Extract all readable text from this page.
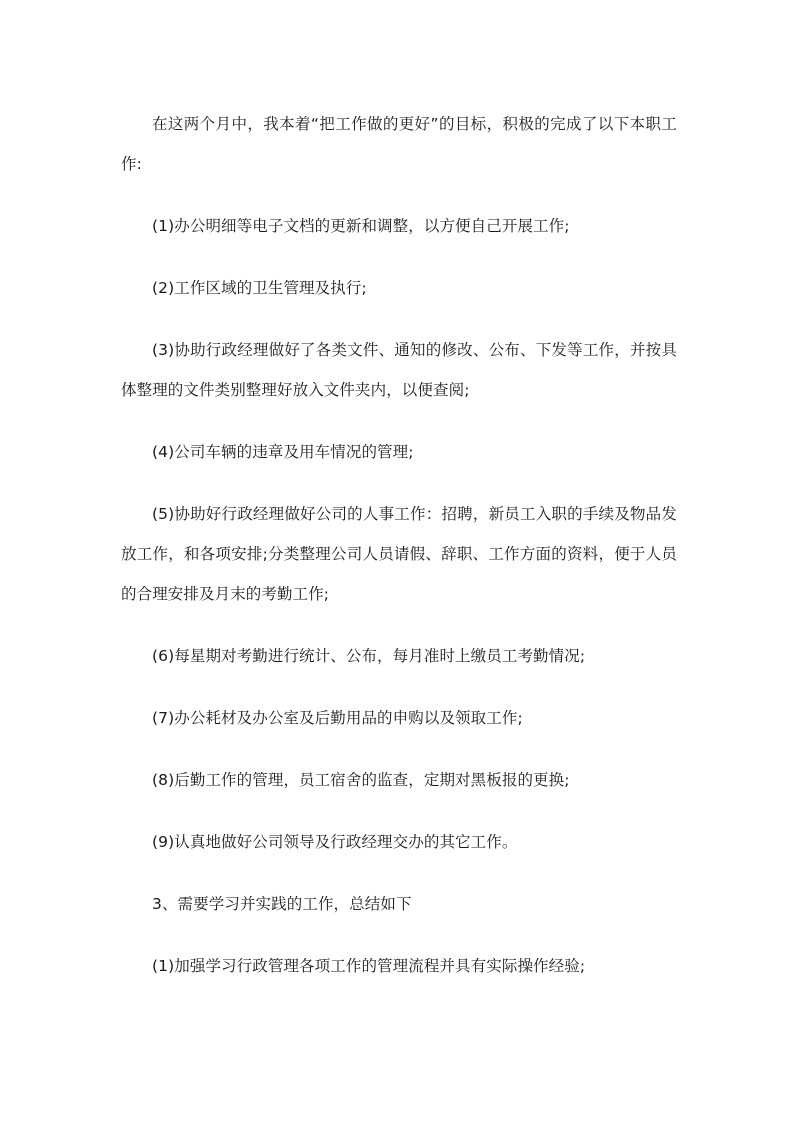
在这两个月中，我本着“把工作做的更好”的目标，积极的完成了以下本职工作:

(1)办公明细等电子文档的更新和调整，以方便自己开展工作;

(2)工作区域的卫生管理及执行;

(3)协助行政经理做好了各类文件、通知的修改、公布、下发等工作，并按具体整理的文件类别整理好放入文件夹内，以便查阅;

(4)公司车辆的违章及用车情况的管理;

(5)协助好行政经理做好公司的人事工作：招聘，新员工入职的手续及物品发放工作，和各项安排;分类整理公司人员请假、辞职、工作方面的资料，便于人员的合理安排及月末的考勤工作;

(6)每星期对考勤进行统计、公布，每月准时上缴员工考勤情况;

(7)办公耗材及办公室及后勤用品的申购以及领取工作;

(8)后勤工作的管理，员工宿舍的监查，定期对黑板报的更换;

(9)认真地做好公司领导及行政经理交办的其它工作。

3、需要学习并实践的工作，总结如下

(1)加强学习行政管理各项工作的管理流程并具有实际操作经验;
